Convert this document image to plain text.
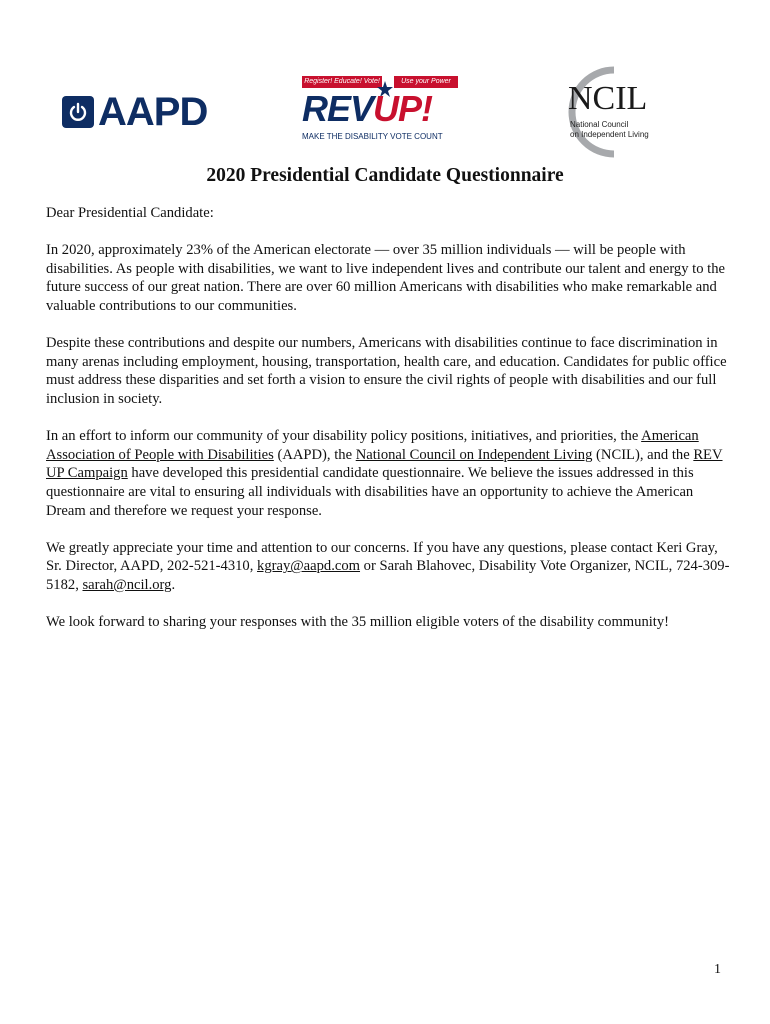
AAPD
Register! Educate! Vote!	Use your Power
REVUP!
MAKE THE DISABILITY VOTE COUNT
NCIL
National Council
on Independent Living
2020 Presidential Candidate Questionnaire

Dear Presidential Candidate:

In 2020, approximately 23% of the American electorate — over 35 million individuals — will be people with disabilities. As people with disabilities, we want to live independent lives and contribute our talent and energy to the future success of our great nation. There are over 60 million Americans with disabilities who make remarkable and valuable contributions to our communities.

Despite these contributions and despite our numbers, Americans with disabilities continue to face discrimination in many arenas including employment, housing, transportation, health care, and education. Candidates for public office must address these disparities and set forth a vision to ensure the civil rights of people with disabilities and our full inclusion in society.

In an effort to inform our community of your disability policy positions, initiatives, and priorities, the American Association of People with Disabilities (AAPD), the National Council on Independent Living (NCIL), and the REV UP Campaign have developed this presidential candidate questionnaire. We believe the issues addressed in this questionnaire are vital to ensuring all individuals with disabilities have an opportunity to achieve the American Dream and therefore we request your response.

We greatly appreciate your time and attention to our concerns. If you have any questions, please contact Keri Gray, Sr. Director, AAPD, 202-521-4310, kgray@aapd.com or Sarah Blahovec, Disability Vote Organizer, NCIL, 724-309-5182, sarah@ncil.org.

We look forward to sharing your responses with the 35 million eligible voters of the disability community!

1
